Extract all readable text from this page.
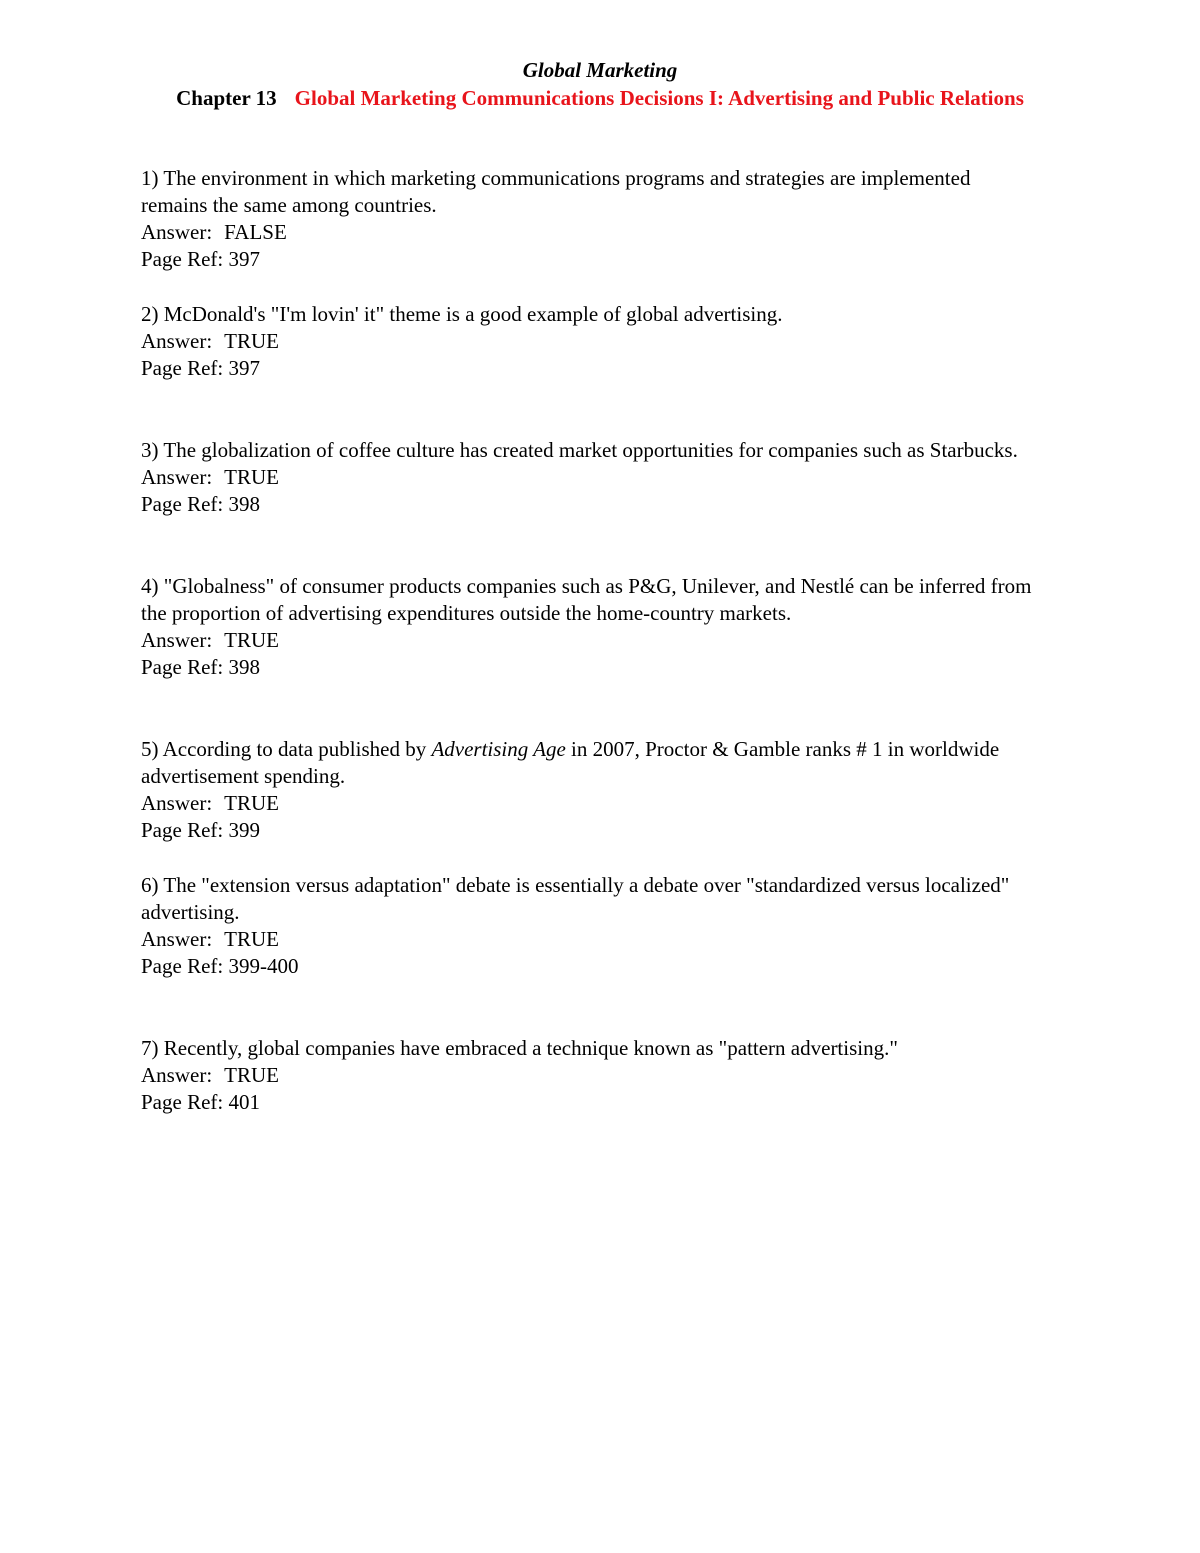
Global Marketing
Chapter 13 Global Marketing Communications Decisions I: Advertising and Public Relations

1) The environment in which marketing communications programs and strategies are implemented remains the same among countries.

Answer: FALSE

Page Ref: 397

2) McDonald's "I'm lovin' it" theme is a good example of global advertising.

Answer: TRUE

Page Ref: 397

3) The globalization of coffee culture has created market opportunities for companies such as Starbucks.

Answer: TRUE

Page Ref: 398

4) "Globalness" of consumer products companies such as P&G, Unilever, and Nestlé can be inferred from the proportion of advertising expenditures outside the home-country markets.

Answer: TRUE

Page Ref: 398

5) According to data published by Advertising Age in 2007, Proctor & Gamble ranks # 1 in worldwide advertisement spending.

Answer: TRUE

Page Ref: 399

6) The "extension versus adaptation" debate is essentially a debate over "standardized versus localized" advertising.

Answer: TRUE

Page Ref: 399-400

7) Recently, global companies have embraced a technique known as "pattern advertising."

Answer: TRUE

Page Ref: 401
